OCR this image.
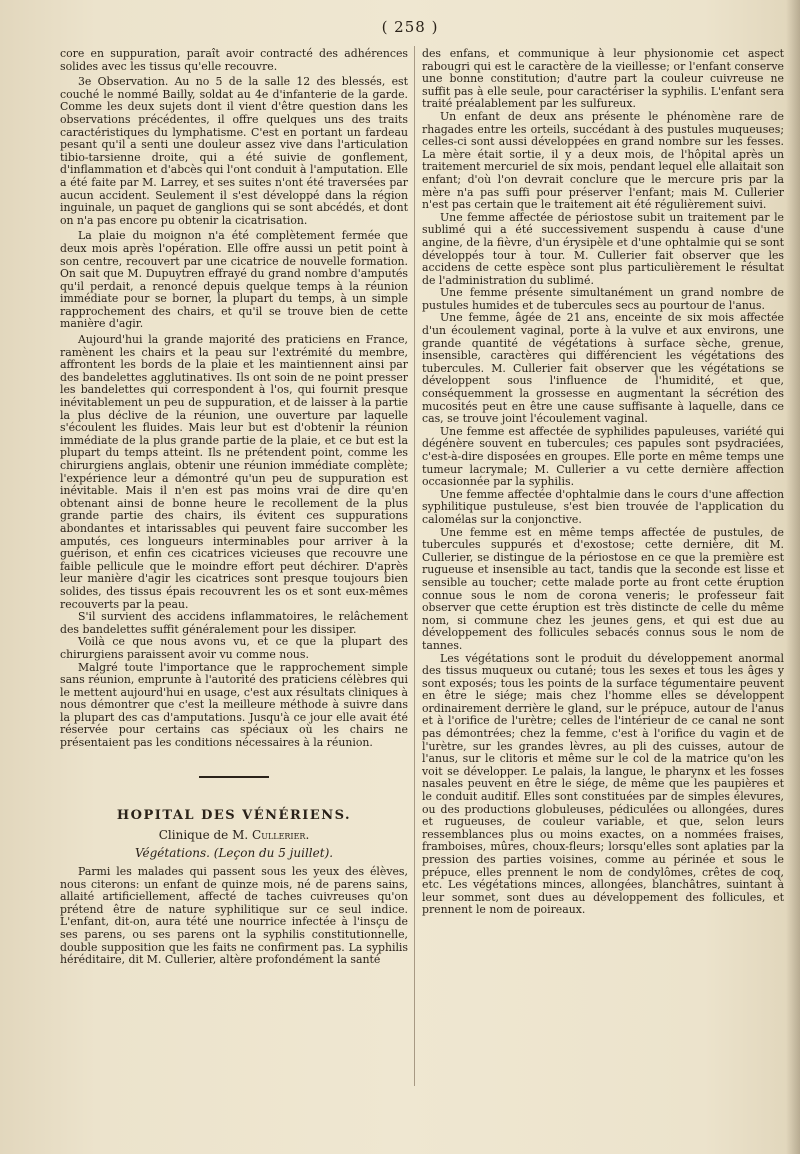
( 258 )

core en suppuration, paraît avoir contracté des adhérences solides avec les tissus qu'elle recouvre.

3e Observation. Au no 5 de la salle 12 des blessés, est couché le nommé Bailly, soldat au 4e d'infanterie de la garde. Comme les deux sujets dont il vient d'être question dans les observations précédentes, il offre quelques uns des traits caractéristiques du lymphatisme. C'est en portant un fardeau pesant qu'il a senti une douleur assez vive dans l'articulation tibio-tarsienne droite, qui a été suivie de gonflement, d'inflammation et d'abcès qui l'ont conduit à l'amputation. Elle a été faite par M. Larrey, et ses suites n'ont été traversées par aucun accident. Seulement il s'est développé dans la région inguinale, un paquet de ganglions qui se sont abcédés, et dont on n'a pas encore pu obtenir la cicatrisation.

La plaie du moignon n'a été complètement fermée que deux mois après l'opération. Elle offre aussi un petit point à son centre, recouvert par une cicatrice de nouvelle formation. On sait que M. Dupuytren effrayé du grand nombre d'amputés qu'il perdait, a renoncé depuis quelque temps à la réunion immédiate pour se borner, la plupart du temps, à un simple rapprochement des chairs, et qu'il se trouve bien de cette manière d'agir.

Aujourd'hui la grande majorité des praticiens en France, ramènent les chairs et la peau sur l'extrémité du membre, affrontent les bords de la plaie et les maintiennent ainsi par des bandelettes agglutinatives. Ils ont soin de ne point presser les bandelettes qui correspondent à l'os, qui fournit presque inévitablement un peu de suppuration, et de laisser à la partie la plus déclive de la réunion, une ouverture par laquelle s'écoulent les fluides. Mais leur but est d'obtenir la réunion immédiate de la plus grande partie de la plaie, et ce but est la plupart du temps atteint. Ils ne prétendent point, comme les chirurgiens anglais, obtenir une réunion immédiate complète; l'expérience leur a démontré qu'un peu de suppuration est inévitable. Mais il n'en est pas moins vrai de dire qu'en obtenant ainsi de bonne heure le recollement de la plus grande partie des chairs, ils évitent ces suppurations abondantes et intarissables qui peuvent faire succomber les amputés, ces longueurs interminables pour arriver à la guérison, et enfin ces cicatrices vicieuses que recouvre une faible pellicule que le moindre effort peut déchirer. D'après leur manière d'agir les cicatrices sont presque toujours bien solides, des tissus épais recouvrent les os et sont eux-mêmes recouverts par la peau.

S'il survient des accidens inflammatoires, le relâchement des bandelettes suffit généralement pour les dissiper.

Voilà ce que nous avons vu, et ce que la plupart des chirurgiens paraissent avoir vu comme nous.

Malgré toute l'importance que le rapprochement simple sans réunion, emprunte à l'autorité des praticiens célèbres qui le mettent aujourd'hui en usage, c'est aux résultats cliniques à nous démontrer que c'est la meilleure méthode à suivre dans la plupart des cas d'amputations. Jusqu'à ce jour elle avait été réservée pour certains cas spéciaux où les chairs ne présentaient pas les conditions nécessaires à la réunion.

HOPITAL DES VÉNÉRIENS.
Clinique de M. Cullerier.
Végétations. (Leçon du 5 juillet).

Parmi les malades qui passent sous les yeux des élèves, nous citerons: un enfant de quinze mois, né de parens sains, allaité artificiellement, affecté de taches cuivreuses qu'on prétend être de nature syphilitique sur ce seul indice. L'enfant, dit-on, aura tété une nourrice infectée à l'insçu de ses parens, ou ses parens ont la syphilis constitutionnelle, double supposition que les faits ne confirment pas. La syphilis héréditaire, dit M. Cullerier, altère profondément la santé

des enfans, et communique à leur physionomie cet aspect rabougri qui est le caractère de la vieillesse; or l'enfant conserve une bonne constitution; d'autre part la couleur cuivreuse ne suffit pas à elle seule, pour caractériser la syphilis. L'enfant sera traité préalablement par les sulfureux.

Un enfant de deux ans présente le phénomène rare de rhagades entre les orteils, succédant à des pustules muqueuses; celles-ci sont aussi développées en grand nombre sur les fesses. La mère était sortie, il y a deux mois, de l'hôpital après un traitement mercuriel de six mois, pendant lequel elle allaitait son enfant; d'où l'on devrait conclure que le mercure pris par la mère n'a pas suffi pour préserver l'enfant; mais M. Cullerier n'est pas certain que le traitement ait été régulièrement suivi.

Une femme affectée de périostose subit un traitement par le sublimé qui a été successivement suspendu à cause d'une angine, de la fièvre, d'un érysipèle et d'une ophtalmie qui se sont développés tour à tour. M. Cullerier fait observer que les accidens de cette espèce sont plus particulièrement le résultat de l'administration du sublimé.

Une femme présente simultanément un grand nombre de pustules humides et de tubercules secs au pourtour de l'anus.

Une femme, âgée de 21 ans, enceinte de six mois affectée d'un écoulement vaginal, porte à la vulve et aux environs, une grande quantité de végétations à surface sèche, grenue, insensible, caractères qui différencient les végétations des tubercules. M. Cullerier fait observer que les végétations se développent sous l'influence de l'humidité, et que, conséquemment la grossesse en augmentant la sécrétion des mucosités peut en être une cause suffisante à laquelle, dans ce cas, se trouve joint l'écoulement vaginal.

Une femme est affectée de syphilides papuleuses, variété qui dégénère souvent en tubercules; ces papules sont psydraciées, c'est-à-dire disposées en groupes. Elle porte en même temps une tumeur lacrymale; M. Cullerier a vu cette dernière affection occasionnée par la syphilis.

Une femme affectée d'ophtalmie dans le cours d'une affection syphilitique pustuleuse, s'est bien trouvée de l'application du calomélas sur la conjonctive.

Une femme est en même temps affectée de pustules, de tubercules suppurés et d'exostose; cette dernière, dit M. Cullerier, se distingue de la périostose en ce que la première est rugueuse et insensible au tact, tandis que la seconde est lisse et sensible au toucher; cette malade porte au front cette éruption connue sous le nom de corona veneris; le professeur fait observer que cette éruption est très distincte de celle du même nom, si commune chez les jeunes gens, et qui est due au développement des follicules sebacés connus sous le nom de tannes.

Les végétations sont le produit du développement anormal des tissus muqueux ou cutané; tous les sexes et tous les âges y sont exposés; tous les points de la surface tégumentaire peuvent en être le siége; mais chez l'homme elles se développent ordinairement derrière le gland, sur le prépuce, autour de l'anus et à l'orifice de l'urètre; celles de l'intérieur de ce canal ne sont pas démontrées; chez la femme, c'est à l'orifice du vagin et de l'urètre, sur les grandes lèvres, au pli des cuisses, autour de l'anus, sur le clitoris et même sur le col de la matrice qu'on les voit se développer. Le palais, la langue, le pharynx et les fosses nasales peuvent en être le siége, de même que les paupières et le conduit auditif. Elles sont constituées par de simples élevures, ou des productions globuleuses, pédiculées ou allongées, dures et rugueuses, de couleur variable, et que, selon leurs ressemblances plus ou moins exactes, on a nommées fraises, framboises, mûres, choux-fleurs; lorsqu'elles sont aplaties par la pression des parties voisines, comme au périnée et sous le prépuce, elles prennent le nom de condylômes, crêtes de coq, etc. Les végétations minces, allongées, blanchâtres, suintant à leur sommet, sont dues au développement des follicules, et prennent le nom de poireaux.
